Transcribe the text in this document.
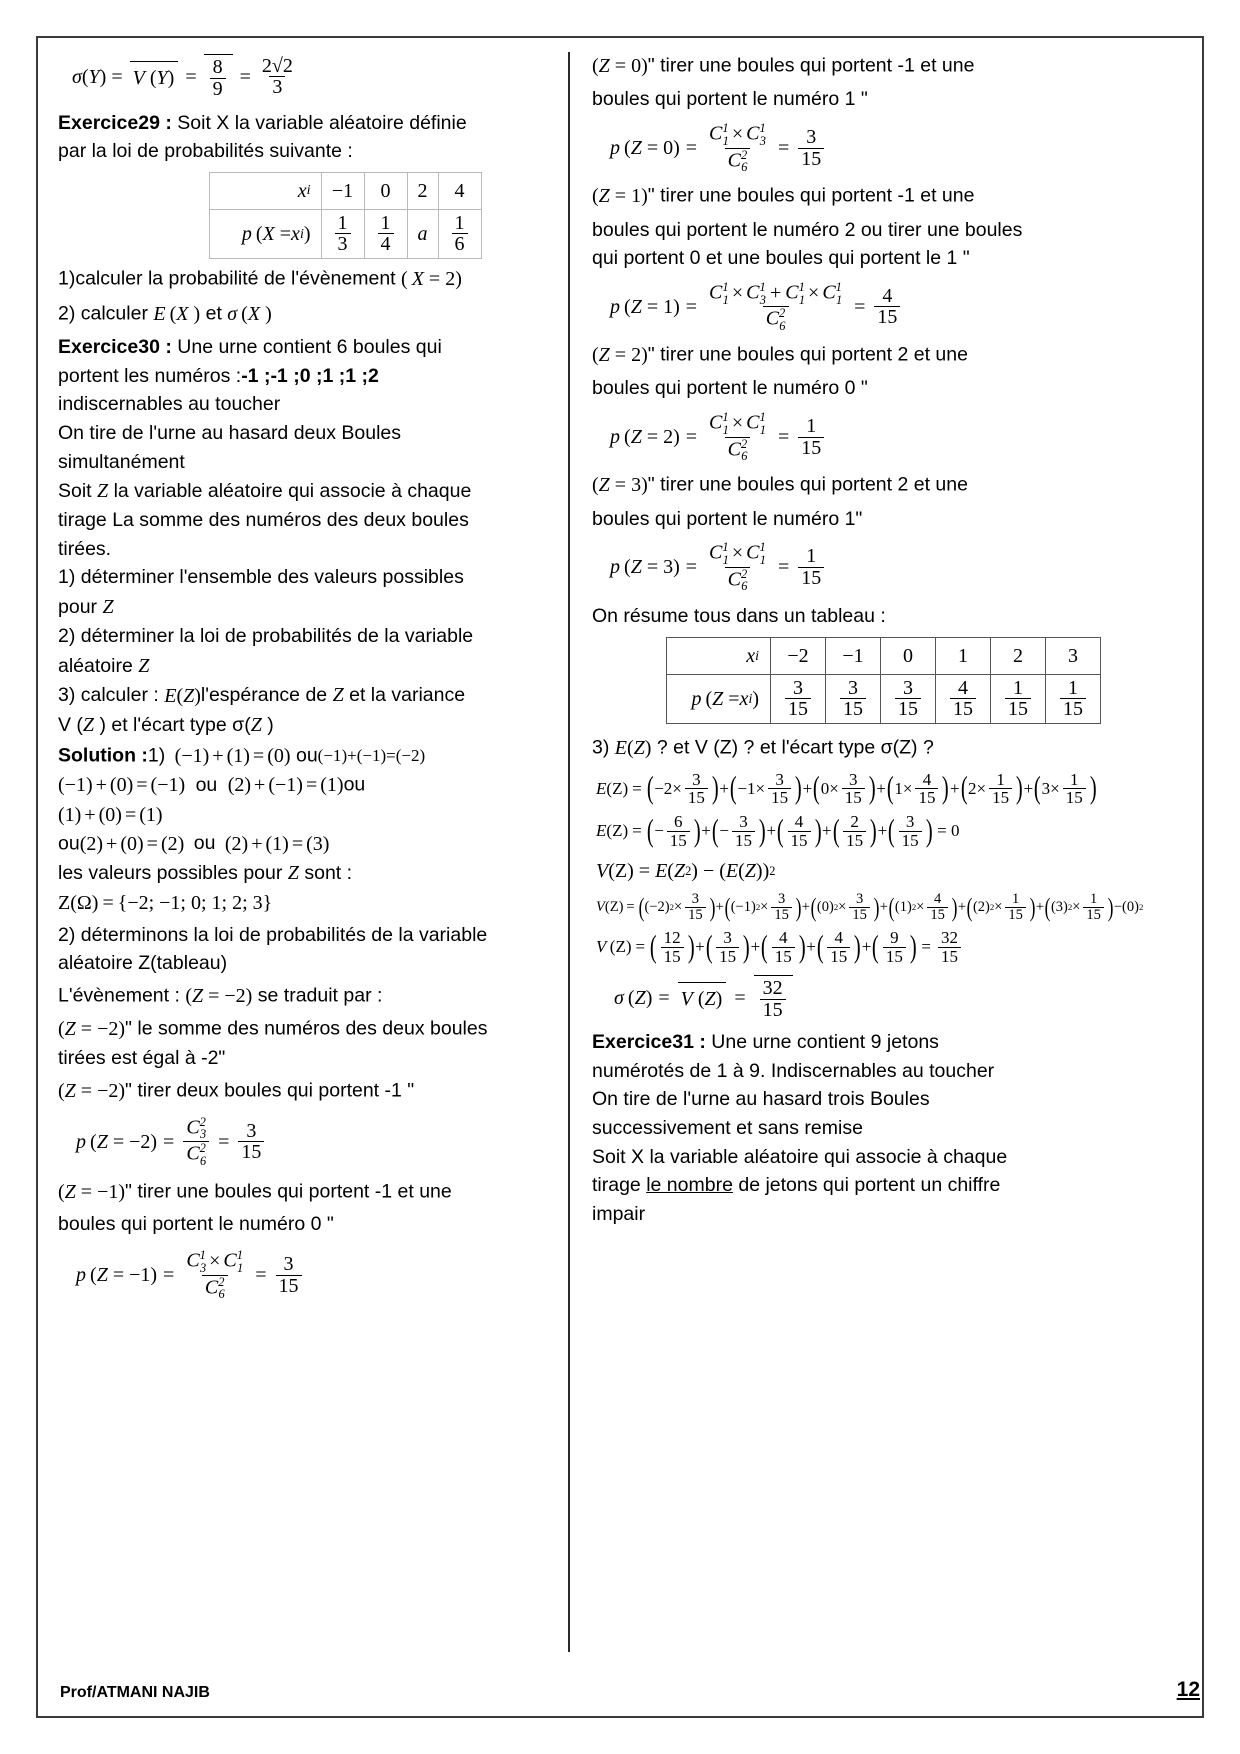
σ ( Y ) = V $(Y) = \frac{8}{9} = \frac{2√2}{3}$

Exercice29 : Soit X la variable aléatoire définie

par la loi de probabilités suivante :

x i	−1	0	2	4

p
  ( X
= x i )	$\frac{1}{3}$	$\frac{1}{4}$	a	$\frac{1}{6}$

1)calculer la probabilité de l'évènement (
  X
=
2 )

2) calculer E
  ( X
) et σ
  ( X
)

Exercice30 : Une urne contient 6 boules qui

portent les numéros :-1 ;-1 ;0 ;1 ;1 ;2

indiscernables au toucher

On tire de l'urne au hasard deux Boules

simultanément

Soit Z la variable aléatoire qui associe à chaque

tirage La somme des numéros des deux boules

tirées.

1) déterminer l'ensemble des valeurs possibles

pour Z

2) déterminer la loi de probabilités de la variable

aléatoire Z

3) calculer : E ( Z ) l'espérance de Z et la variance

V (Z ) et l'écart type σ(Z )

Solution :1) ( −1 ) + ( 1 ) = ( 0 ) ou ( −1 ) + ( −1 ) = ( −2 )

( −1 ) + ( 0 ) = ( −1 ) ou ( 2 ) + ( −1 ) = ( 1 ) ou

( 1 ) + ( 0 ) = ( 1 )

ou ( 2 ) + ( 0 ) = ( 2 ) ou ( 2 ) + ( 1 ) = ( 3 )

les valeurs possibles pour Z sont :

Z ( Ω ) = {−2; −1; 0; 1; 2; 3}

2) déterminons la loi de probabilités de la variable

aléatoire Z(tableau)

L'évènement : ( Z
=
−2 ) se traduit par :

( Z
=
−2 ) " le somme des numéros des deux boules

tirées est égal à -2"

( Z
=
−2 ) " tirer deux boules qui portent -1 "

p
  ( Z
=
−2 ) = $\frac{C^2_3}{C^2_6} = \frac{3}{15}$

( Z
=
−1 ) " tirer une boules qui portent -1 et une

boules qui portent le numéro 0 "

p
  ( Z
=
−1 ) = $\frac{C^1_3 \times C^1_1}{C^2_6} = \frac{3}{15}$

( Z
=
0 ) " tirer une boules qui portent -1 et une

boules qui portent le numéro 1 "

p
  ( Z
=
0 ) = $\frac{C^1_1 \times C^1_3}{C^2_6} = \frac{3}{15}$

( Z
=
1 ) " tirer une boules qui portent -1 et une

boules qui portent le numéro 2 ou tirer une boules

qui portent 0 et une boules qui portent le 1 "

p
  ( Z
=
1 ) = $\frac{C^1_1 \times C^1_3 + C^1_1 \times C^1_1}{C^2_6} = \frac{4}{15}$

( Z
=
2 ) " tirer une boules qui portent 2 et une

boules qui portent le numéro 0 "

p
  ( Z
=
2 ) = $\frac{C^1_1 \times C^1_1}{C^2_6} = \frac{1}{15}$

( Z
=
3 ) " tirer une boules qui portent 2 et une

boules qui portent le numéro 1"

p
  ( Z
=
3 ) = $\frac{C^1_1 \times C^1_1}{C^2_6} = \frac{1}{15}$

On résume tous dans un tableau :

x i	−2	−1	0	1	2	3

p
  ( Z
= x i )	$\frac{3}{15}$	$\frac{3}{15}$	$\frac{3}{15}$	$\frac{4}{15}$	$\frac{1}{15}$	$\frac{1}{15}$

3) E ( Z ) ? et V (Z) ? et l'écart type σ(Z) ?

E ( Z ) = ( $-2\times \frac{3}{15}$ ) + ( $-1\times \frac{3}{15}$ ) + ( $0\times \frac{3}{15}$ ) + ( $1\times \frac{4}{15}$ ) + ( $2\times \frac{1}{15}$ ) + ( $3\times \frac{1}{15}$ )
E ( Z ) = ( − $\frac{6}{15}$ ) + ( − $\frac{3}{15}$ ) + ( $\frac{4}{15}$ ) + ( $\frac{2}{15}$ ) + ( $\frac{3}{15}$ ) = 0
V ( Z ) = E ( Z 2 ) − ( E ( Z ) ) 2
V ( Z ) = ( (−2) $2 \times \frac{3}{15}$ ) + ( (−1) $2 \times \frac{3}{15}$ ) + ( (0) $2 \times \frac{3}{15}$ ) + ( (1) $2 \times \frac{4}{15}$ ) + ( (2) $2 \times \frac{1}{15}$ ) + ( (3) $2 \times \frac{1}{15}$ ) −(0) 2
V
  ( Z ) = ( $\frac{12}{15}$ ) + ( $\frac{3}{15}$ ) + ( $\frac{4}{15}$ ) + ( $\frac{4}{15}$ ) + ( $\frac{9}{15}$ ) = $\frac{32}{15}$
σ
  ( Z ) = V $(Z) = \frac{32}{15}$

Exercice31 : Une urne contient 9 jetons

numérotés de 1 à 9. Indiscernables au toucher

On tire de l'urne au hasard trois Boules

successivement et sans remise

Soit X la variable aléatoire qui associe à chaque

tirage le nombre de jetons qui portent un chiffre

impair

Prof/ATMANI NAJIB	12
